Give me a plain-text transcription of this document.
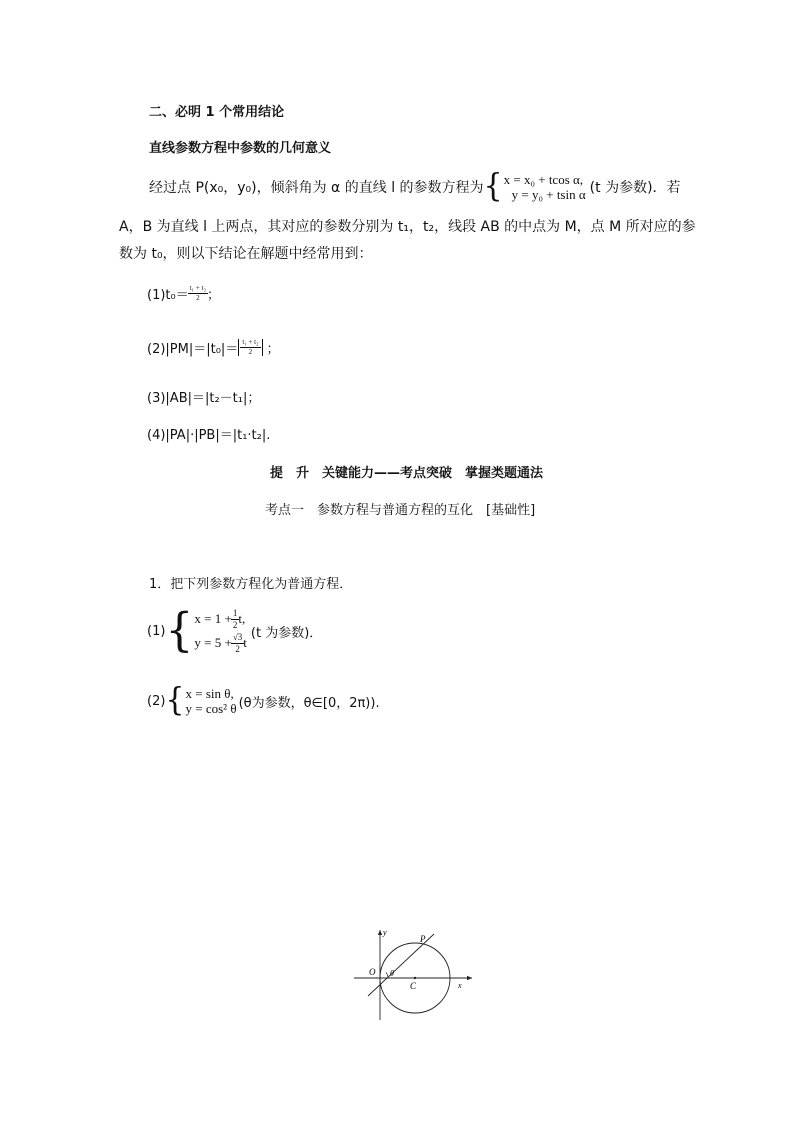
二、必明 1 个常用结论
直线参数方程中参数的几何意义
经过点 P(x₀，y₀)，倾斜角为 α 的直线 l 的参数方程为 { x = x₀ + tcos α,
y = y₀ + tsin α (t 为参数)．若
A，B 为直线 l 上两点，其对应的参数分别为 t₁，t₂，线段 AB 的中点为 M，点 M 所对应的参
数为 t₀，则以下结论在解题中经常用到：
$(1)t_0= \frac{\text{t₁ + t₂}}{2}$ ；
$(2)|PM|=|t_0|= \frac{\text{t₁ + t₂}}{2}$ ；
(3)|AB|＝|t₂－t₁|；
(4)|PA|·|PB|＝|t₁·t₂|.
提　升　关键能力——考点突破　掌握类题通法
考点一　参数方程与普通方程的互化　[基础性]
1．把下列参数方程化为普通方程．
(1) { $x = 1 + \frac{1}{2} t$,
$y = 5 + \frac{√3}{2}$ t
(t 为参数)．
(2) { x = sin θ,
y = cos² θ (θ为参数，θ∈[0，2π)).
y
x
O θ
C
P
